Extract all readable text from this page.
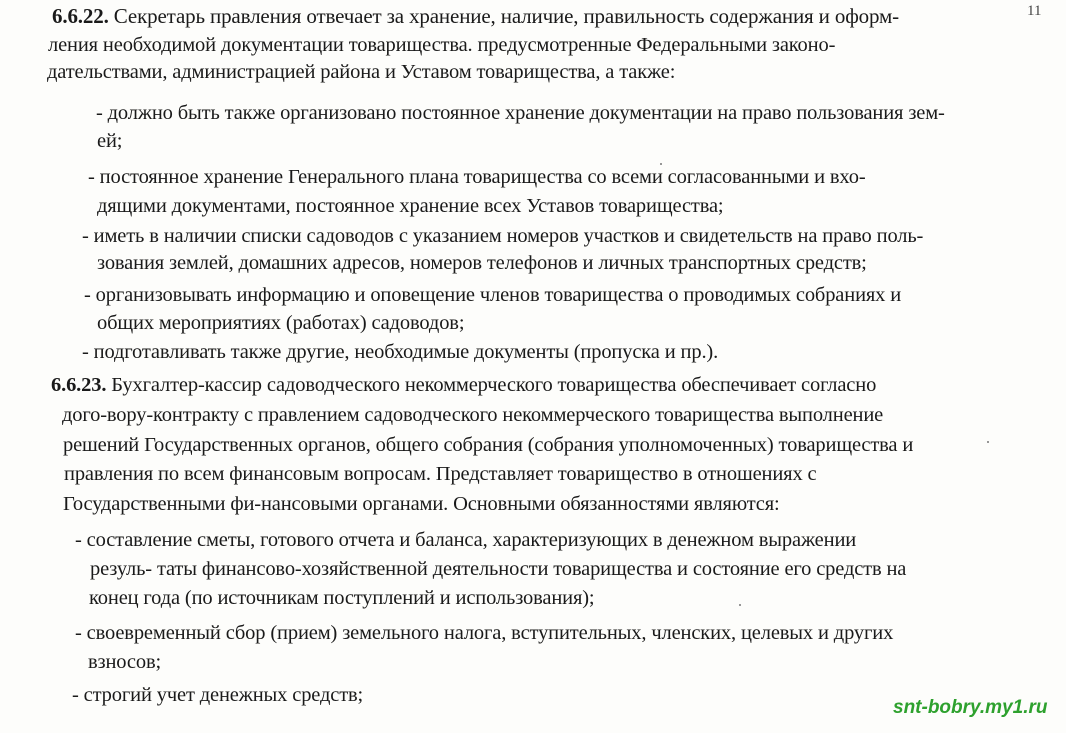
11
6.6.22. Секретарь правления отвечает за хранение, наличие, правильность содержания и оформ-
ления необходимой документации товарищества. предусмотренные Федеральными законо-
дательствами, администрацией района и Уставом товарищества, а также:
- должно быть также организовано постоянное хранение документации на право пользования зем-
ей;
- постоянное хранение Генерального плана товарищества со всеми согласованными и вхо-
дящими документами, постоянное хранение всех Уставов товарищества;
- иметь в наличии списки садоводов с указанием номеров участков и свидетельств на право поль-
зования землей, домашних адресов, номеров телефонов и личных транспортных средств;
- организовывать информацию и оповещение членов товарищества о проводимых собраниях и
общих мероприятиях (работах) садоводов;
- подготавливать также другие, необходимые документы (пропуска и пр.).
6.6.23. Бухгалтер-кассир садоводческого некоммерческого товарищества обеспечивает согласно
дого-вору-контракту с правлением садоводческого некоммерческого товарищества выполнение
решений Государственных органов, общего собрания (собрания уполномоченных) товарищества и
правления по всем финансовым вопросам. Представляет товарищество в отношениях с
Государственными фи-нансовыми органами. Основными обязанностями являются:
- составление сметы, готового отчета и баланса, характеризующих в денежном выражении
резуль- таты финансово-хозяйственной деятельности товарищества и состояние его средств на
конец года (по источникам поступлений и использования);
- своевременный сбор (прием) земельного налога, вступительных, членских, целевых и других
взносов;
- строгий учет денежных средств;
snt-bobry.my1.ru
